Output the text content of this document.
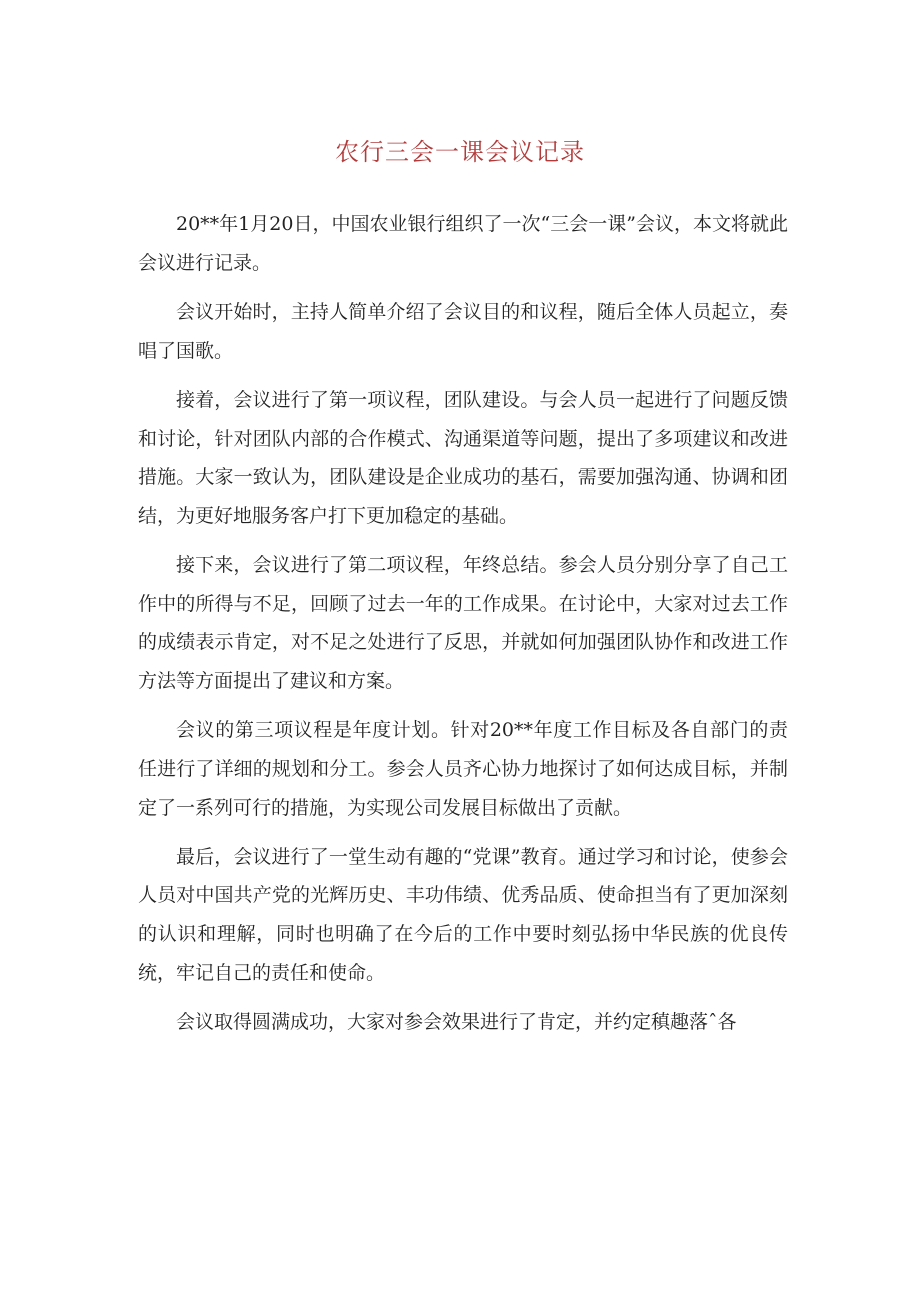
农行三会一课会议记录

20**年1月20日，中国农业银行组织了一次“三会一课”会议，本文将就此会议进行记录。

会议开始时，主持人简单介绍了会议目的和议程，随后全体人员起立，奏唱了国歌。

接着，会议进行了第一项议程，团队建设。与会人员一起进行了问题反馈和讨论，针对团队内部的合作模式、沟通渠道等问题，提出了多项建议和改进措施。大家一致认为，团队建设是企业成功的基石，需要加强沟通、协调和团结，为更好地服务客户打下更加稳定的基础。

接下来，会议进行了第二项议程，年终总结。参会人员分别分享了自己工作中的所得与不足，回顾了过去一年的工作成果。在讨论中，大家对过去工作的成绩表示肯定，对不足之处进行了反思，并就如何加强团队协作和改进工作方法等方面提出了建议和方案。

会议的第三项议程是年度计划。针对20**年度工作目标及各自部门的责任进行了详细的规划和分工。参会人员齐心协力地探讨了如何达成目标，并制定了一系列可行的措施，为实现公司发展目标做出了贡献。

最后，会议进行了一堂生动有趣的“党课”教育。通过学习和讨论，使参会人员对中国共产党的光辉历史、丰功伟绩、优秀品质、使命担当有了更加深刻的认识和理解，同时也明确了在今后的工作中要时刻弘扬中华民族的优良传统，牢记自己的责任和使命。

会议取得圆满成功，大家对参会效果进行了肯定，并约定稹趣落ˆ各
